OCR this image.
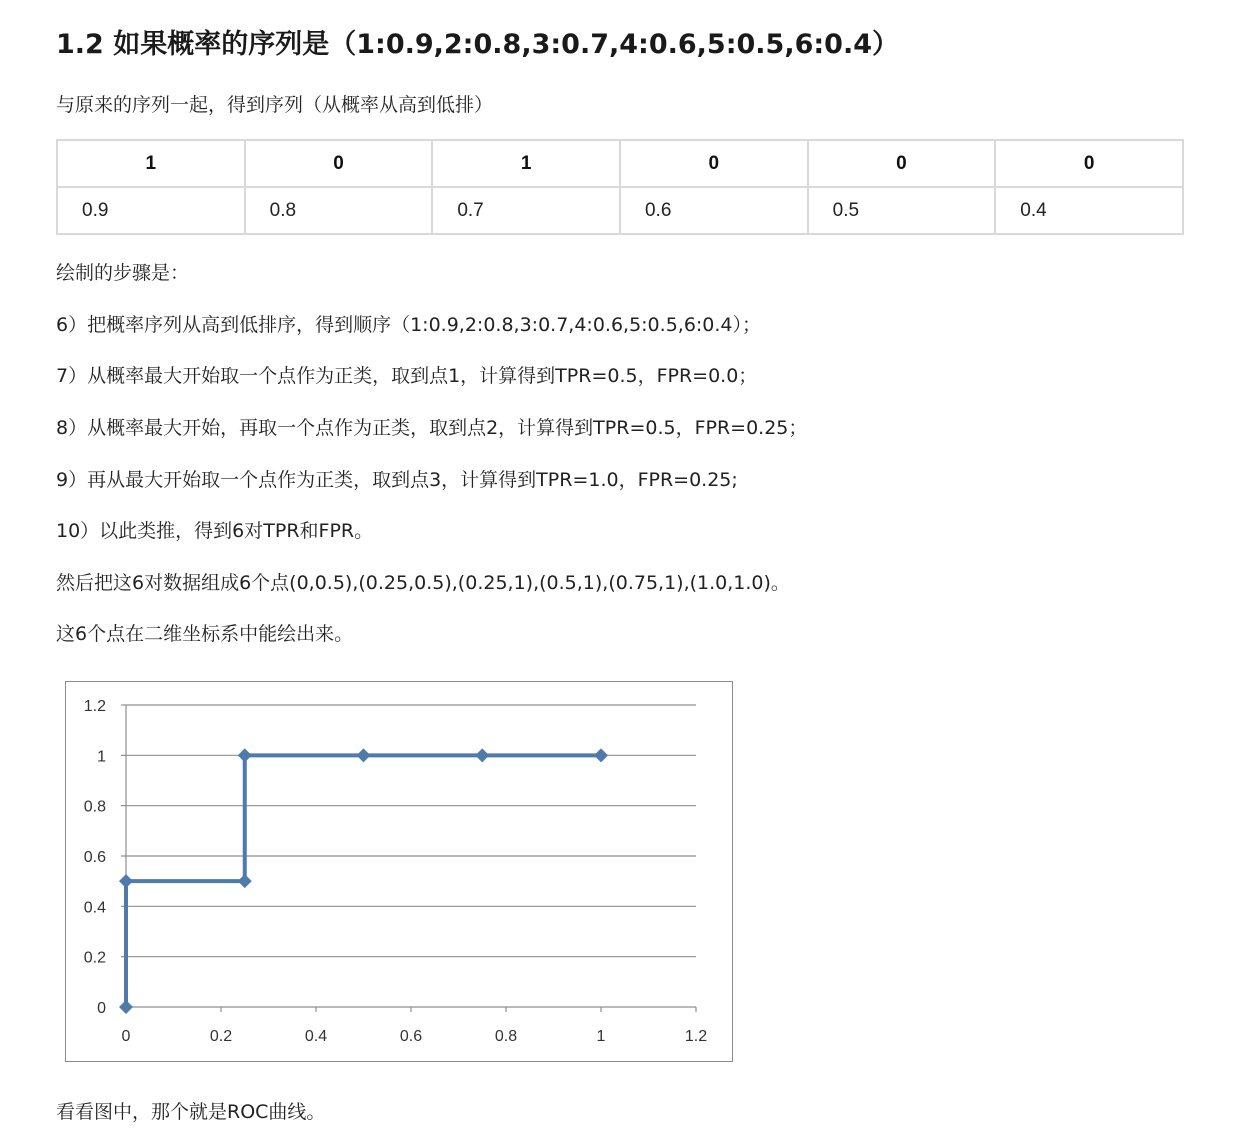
1.2 如果概率的序列是（1:0.9,2:0.8,3:0.7,4:0.6,5:0.5,6:0.4）

与原来的序列一起，得到序列（从概率从高到低排）

1	0	1	0	0	0
0.9	0.8	0.7	0.6	0.5	0.4

绘制的步骤是：

6）把概率序列从高到低排序，得到顺序（1:0.9,2:0.8,3:0.7,4:0.6,5:0.5,6:0.4）；

7）从概率最大开始取一个点作为正类，取到点1，计算得到TPR=0.5，FPR=0.0；

8）从概率最大开始，再取一个点作为正类，取到点2，计算得到TPR=0.5，FPR=0.25；

9）再从最大开始取一个点作为正类，取到点3，计算得到TPR=1.0，FPR=0.25;

10）以此类推，得到6对TPR和FPR。

然后把这6对数据组成6个点(0,0.5),(0.25,0.5),(0.25,1),(0.5,1),(0.75,1),(1.0,1.0)。

这6个点在二维坐标系中能绘出来。

0
0.2
0.4
0.6
0.8
1
1.2
0	0.2	0.4	0.6	0.8	1	1.2

看看图中，那个就是ROC曲线。
